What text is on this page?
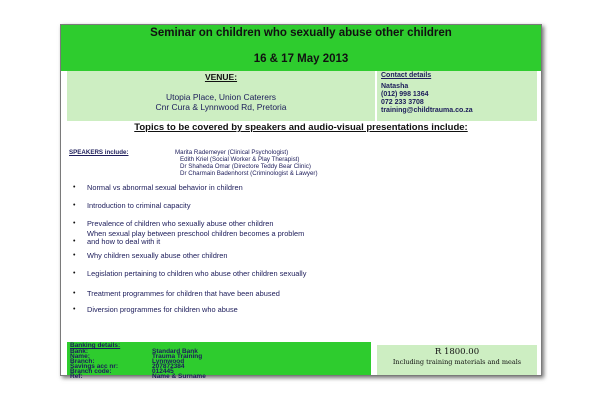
Seminar on children who sexually abuse other children
16 & 17 May 2013
VENUE:
Utopia Place, Union Caterers
Cnr Cura & Lynnwood Rd, Pretoria
Contact details
Natasha
(012) 998 1364
072 233 3708
training@childtrauma.co.za
Topics to be covered by speakers and audio-visual presentations include:
SPEAKERS include:	Marita Rademeyer (Clinical Psychologist)
Edith Kriel (Social Worker & Play Therapist)
Dr Shaheda Omar (Directore Teddy Bear Clinic)
Dr Charmain Badenhorst (Criminologist & Lawyer)
• Normal vs abnormal sexual behavior in children
• Introduction to criminal capacity
• Prevalence of children who sexually abuse other children
•
When sexual play between preschool children becomes a problem and how to deal with it
• Why children sexually abuse other children
• Legislation pertaining to children who abuse other children sexually
• Treatment programmes for children that have been abused
• Diversion programmes for children who abuse
Banking details:
Bank:	Standard Bank
Name:	Trauma Training
Branch:	Lynnwood
Savings acc nr:	207872384
Branch code:	012445
Ref:	Name & Surname
R 1800.00
Including training materials and meals
